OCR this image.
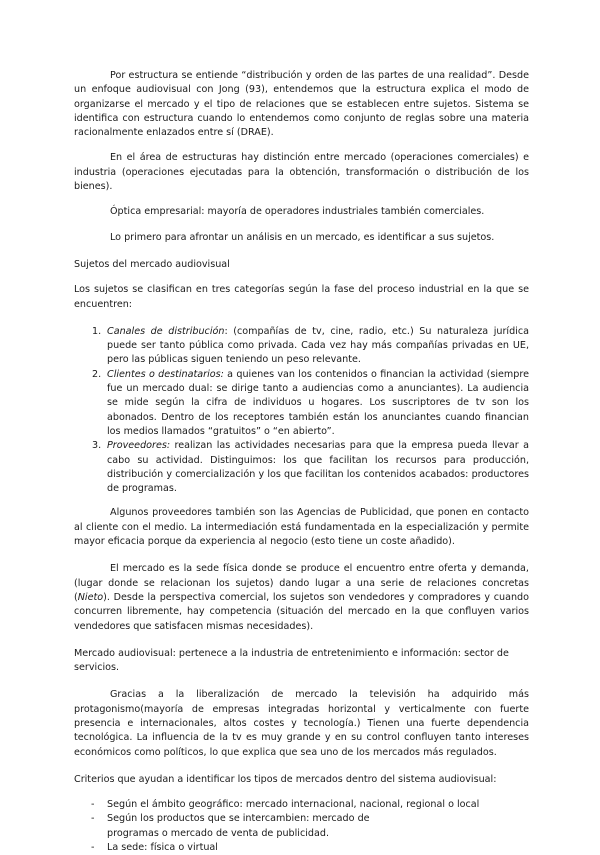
Por estructura se entiende “distribución y orden de las partes de una realidad”. Desde un enfoque audiovisual con Jong (93), entendemos que la estructura explica el modo de organizarse el mercado y el tipo de relaciones que se establecen entre sujetos. Sistema se identifica con estructura cuando lo entendemos como conjunto de reglas sobre una materia racionalmente enlazados entre sí (DRAE).

En el área de estructuras hay distinción entre mercado (operaciones comerciales) e industria (operaciones ejecutadas para la obtención, transformación o distribución de los bienes).

Óptica empresarial: mayoría de operadores industriales también comerciales.

Lo primero para afrontar un análisis en un mercado, es identificar a sus sujetos.

Sujetos del mercado audiovisual

Los sujetos se clasifican en tres categorías según la fase del proceso industrial en la que se encuentren:

1. Canales de distribución: (compañías de tv, cine, radio, etc.) Su naturaleza jurídica puede ser tanto pública como privada. Cada vez hay más compañías privadas en UE, pero las públicas siguen teniendo un peso relevante.
2. Clientes o destinatarios: a quienes van los contenidos o financian la actividad (siempre fue un mercado dual: se dirige tanto a audiencias como a anunciantes). La audiencia se mide según la cifra de individuos u hogares. Los suscriptores de tv son los abonados. Dentro de los receptores también están los anunciantes cuando financian los medios llamados “gratuitos” o “en abierto”.
3. Proveedores: realizan las actividades necesarias para que la empresa pueda llevar a cabo su actividad. Distinguimos: los que facilitan los recursos para producción, distribución y comercialización y los que facilitan los contenidos acabados: productores de programas.

Algunos proveedores también son las Agencias de Publicidad, que ponen en contacto al cliente con el medio. La intermediación está fundamentada en la especialización y permite mayor eficacia porque da experiencia al negocio (esto tiene un coste añadido).

El mercado es la sede física donde se produce el encuentro entre oferta y demanda, (lugar donde se relacionan los sujetos) dando lugar a una serie de relaciones concretas (Nieto). Desde la perspectiva comercial, los sujetos son vendedores y compradores y cuando concurren libremente, hay competencia (situación del mercado en la que confluyen varios vendedores que satisfacen mismas necesidades).

Mercado audiovisual: pertenece a la industria de entretenimiento e información: sector de servicios.

Gracias a la liberalización de mercado la televisión ha adquirido más protagonismo(mayoría de empresas integradas horizontal y verticalmente con fuerte presencia e internacionales, altos costes y tecnología.) Tienen una fuerte dependencia tecnológica. La influencia de la tv es muy grande y en su control confluyen tanto intereses económicos como políticos, lo que explica que sea uno de los mercados más regulados.

Criterios que ayudan a identificar los tipos de mercados dentro del sistema audiovisual:

- Según el ámbito geográfico: mercado internacional, nacional, regional o local
- Según los productos que se intercambien: mercado de programas o mercado de venta de publicidad.
- La sede: física o virtual
